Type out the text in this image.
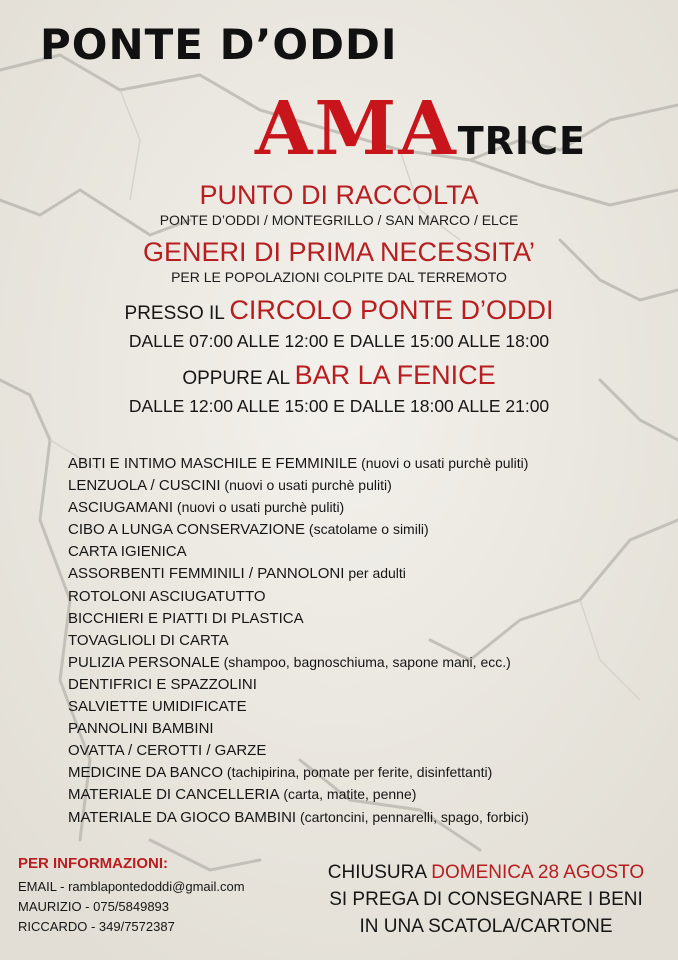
PONTE D’ODDI
AMATRICE
PUNTO DI RACCOLTA
PONTE D’ODDI / MONTEGRILLO / SAN MARCO / ELCE
GENERI DI PRIMA NECESSITA’
PER LE POPOLAZIONI COLPITE DAL TERREMOTO
PRESSO IL CIRCOLO PONTE D’ODDI
DALLE 07:00 ALLE 12:00 E DALLE 15:00 ALLE 18:00
OPPURE AL BAR LA FENICE
DALLE 12:00 ALLE 15:00 E DALLE 18:00 ALLE 21:00
ABITI E INTIMO MASCHILE E FEMMINILE (nuovi o usati purchè puliti)
LENZUOLA / CUSCINI (nuovi o usati purchè puliti)
ASCIUGAMANI (nuovi o usati purchè puliti)
CIBO A LUNGA CONSERVAZIONE (scatolame o simili)
CARTA IGIENICA
ASSORBENTI FEMMINILI / PANNOLONI per adulti
ROTOLONI ASCIUGATUTTO
BICCHIERI E PIATTI DI PLASTICA
TOVAGLIOLI DI CARTA
PULIZIA PERSONALE (shampoo, bagnoschiuma, sapone mani, ecc.)
DENTIFRICI E SPAZZOLINI
SALVIETTE UMIDIFICATE
PANNOLINI BAMBINI
OVATTA / CEROTTI / GARZE
MEDICINE DA BANCO (tachipirina, pomate per ferite, disinfettanti)
MATERIALE DI CANCELLERIA (carta, matite, penne)
MATERIALE DA GIOCO BAMBINI (cartoncini, pennarelli, spago, forbici)
PER INFORMAZIONI:
EMAIL - ramblapontedoddi@gmail.com
MAURIZIO - 075/5849893
RICCARDO - 349/7572387
CHIUSURA DOMENICA 28 AGOSTO
SI PREGA DI CONSEGNARE I BENI
IN UNA SCATOLA/CARTONE
